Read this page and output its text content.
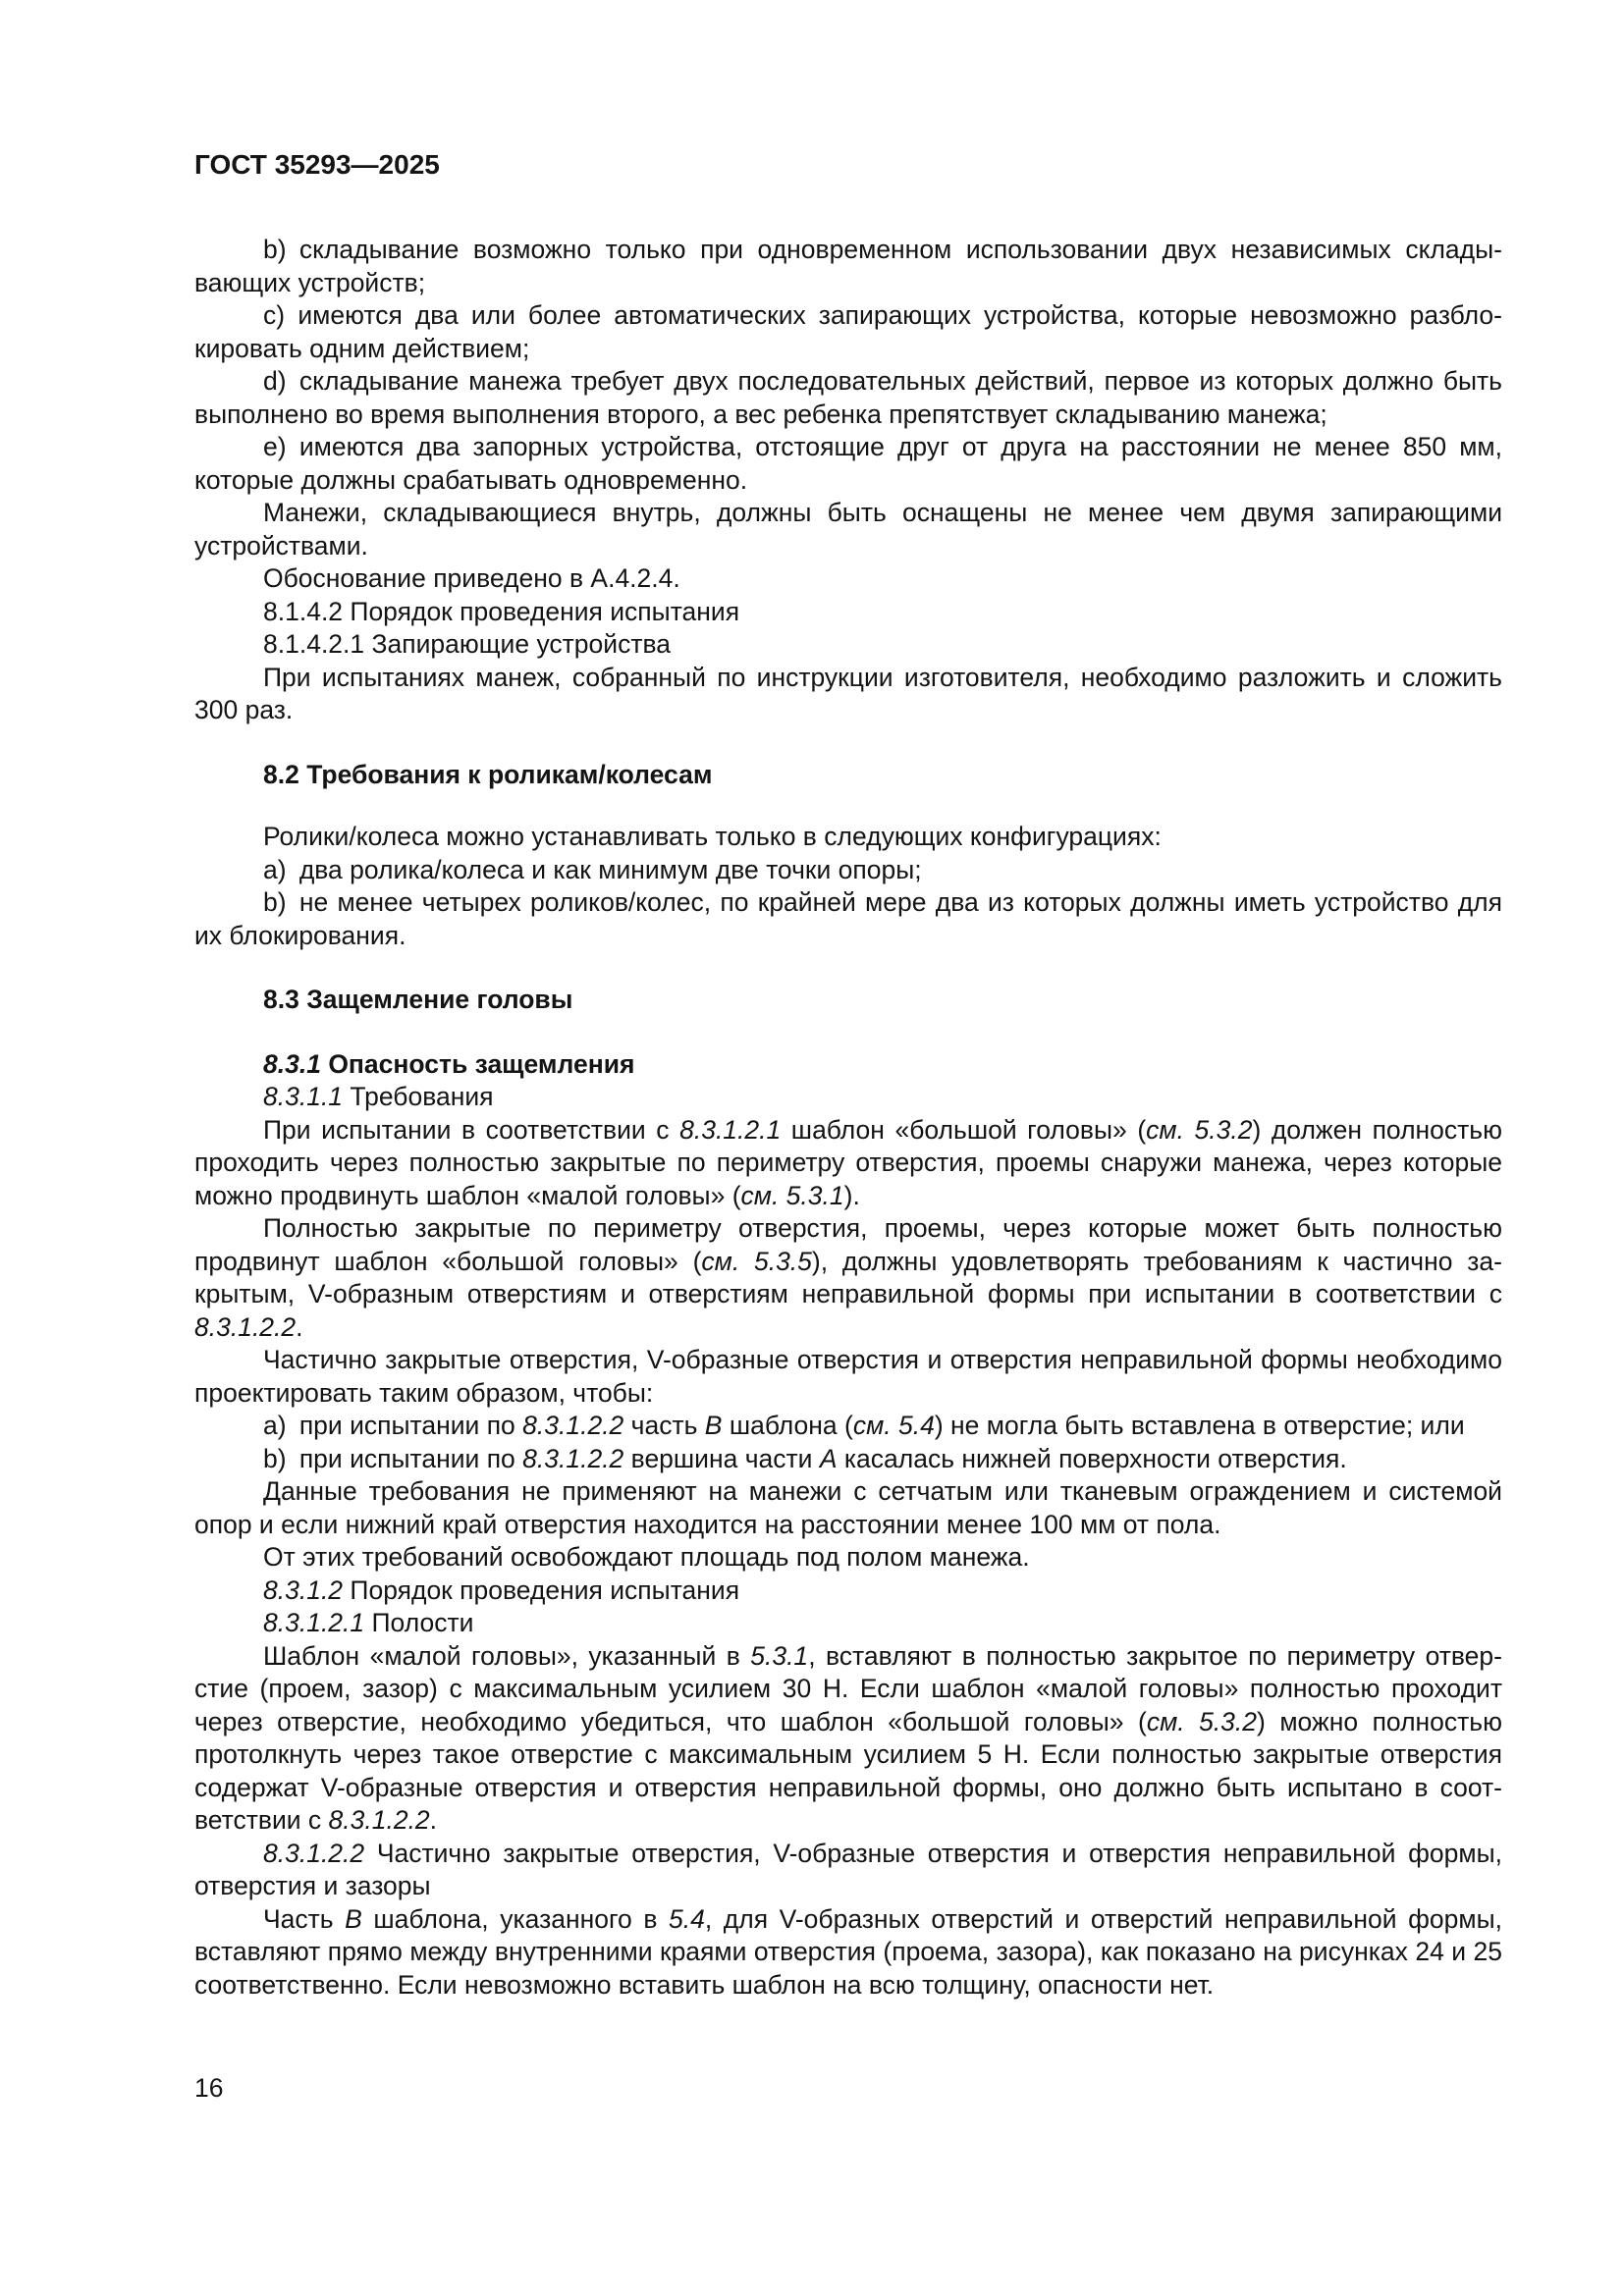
ГОСТ 35293—2025

b) складывание возможно только при одновременном использовании двух независимых складывающих устройств;

c) имеются два или более автоматических запирающих устройства, которые невозможно разблокировать одним действием;

d) складывание манежа требует двух последовательных действий, первое из которых должно быть выполнено во время выполнения второго, а вес ребенка препятствует складыванию манежа;

e) имеются два запорных устройства, отстоящие друг от друга на расстоянии не менее 850 мм, которые должны срабатывать одновременно.

Манежи, складывающиеся внутрь, должны быть оснащены не менее чем двумя запирающими устройствами.

Обоснование приведено в А.4.2.4.

8.1.4.2 Порядок проведения испытания

8.1.4.2.1 Запирающие устройства

При испытаниях манеж, собранный по инструкции изготовителя, необходимо разложить и сложить 300 раз.

8.2 Требования к роликам/колесам

Ролики/колеса можно устанавливать только в следующих конфигурациях:

a) два ролика/колеса и как минимум две точки опоры;

b) не менее четырех роликов/колес, по крайней мере два из которых должны иметь устройство для их блокирования.

8.3 Защемление головы

8.3.1 Опасность защемления

8.3.1.1 Требования

При испытании в соответствии с 8.3.1.2.1 шаблон «большой головы» (см. 5.3.2) должен полностью проходить через полностью закрытые по периметру отверстия, проемы снаружи манежа, через которые можно продвинуть шаблон «малой головы» (см. 5.3.1).

Полностью закрытые по периметру отверстия, проемы, через которые может быть полностью продвинут шаблон «большой головы» (см. 5.3.5), должны удовлетворять требованиям к частично закрытым, V-образным отверстиям и отверстиям неправильной формы при испытании в соответствии с 8.3.1.2.2.

Частично закрытые отверстия, V-образные отверстия и отверстия неправильной формы необходимо проектировать таким образом, чтобы:

a) при испытании по 8.3.1.2.2 часть B шаблона (см. 5.4) не могла быть вставлена в отверстие; или

b) при испытании по 8.3.1.2.2 вершина части A касалась нижней поверхности отверстия.

Данные требования не применяют на манежи с сетчатым или тканевым ограждением и системой опор и если нижний край отверстия находится на расстоянии менее 100 мм от пола.

От этих требований освобождают площадь под полом манежа.

8.3.1.2 Порядок проведения испытания

8.3.1.2.1 Полости

Шаблон «малой головы», указанный в 5.3.1, вставляют в полностью закрытое по периметру отверстие (проем, зазор) с максимальным усилием 30 Н. Если шаблон «малой головы» полностью проходит через отверстие, необходимо убедиться, что шаблон «большой головы» (см. 5.3.2) можно полностью протолкнуть через такое отверстие с максимальным усилием 5 Н. Если полностью закрытые отверстия содержат V-образные отверстия и отверстия неправильной формы, оно должно быть испытано в соответствии с 8.3.1.2.2.

8.3.1.2.2 Частично закрытые отверстия, V-образные отверстия и отверстия неправильной формы, отверстия и зазоры

Часть B шаблона, указанного в 5.4, для V-образных отверстий и отверстий неправильной формы, вставляют прямо между внутренними краями отверстия (проема, зазора), как показано на рисунках 24 и 25 соответственно. Если невозможно вставить шаблон на всю толщину, опасности нет.

16
